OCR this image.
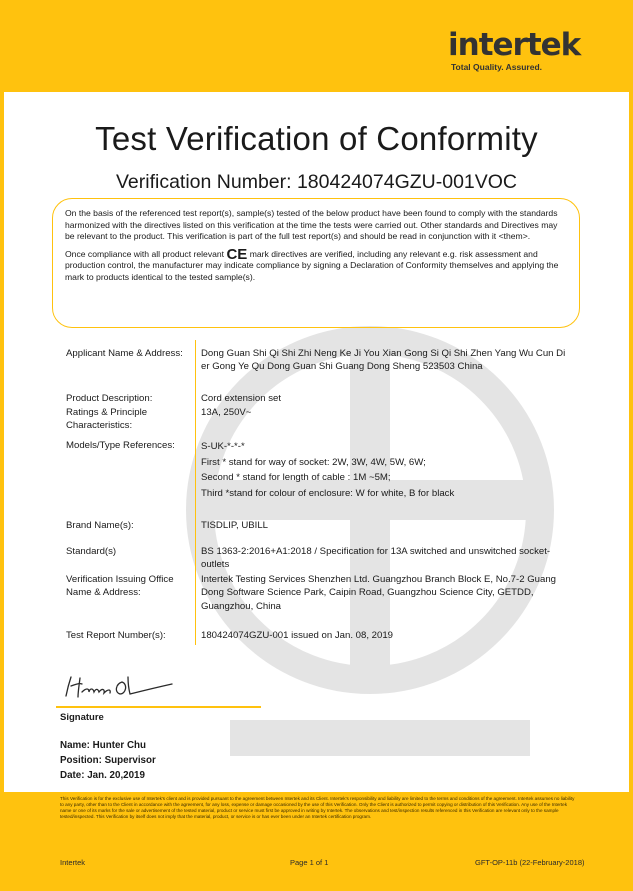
intertek
Total Quality. Assured.
Test Verification of Conformity
Verification Number: 180424074GZU-001VOC

On the basis of the referenced test report(s), sample(s) tested of the below product have been found to comply with the standards harmonized with the directives listed on this verification at the time the tests were carried out. Other standards and Directives may be relevant to the product. This verification is part of the full test report(s) and should be read in conjunction with it <them>.

Once compliance with all product relevant CE mark directives are verified, including any relevant e.g. risk assessment and production control, the manufacturer may indicate compliance by signing a Declaration of Conformity themselves and applying the mark to products identical to the tested sample(s).

Applicant Name & Address:	Dong Guan Shi Qi Shi Zhi Neng Ke Ji You Xian Gong Si Qi Shi Zhen Yang Wu Cun Di er Gong Ye Qu Dong Guan Shi Guang Dong Sheng 523503 China
Product Description:	Cord extension set
Ratings & Principle Characteristics:
13A, 250V~
Models/Type References:	S-UK-*-*-*
First * stand for way of socket: 2W, 3W, 4W, 5W, 6W;
Second * stand for length of cable : 1M ~5M;
Third *stand for colour of enclosure: W for white, B for black
Brand Name(s):	TISDLIP, UBILL
Standard(s)	BS 1363-2:2016+A1:2018 / Specification for 13A switched and unswitched socket-outlets
Verification Issuing Office Name & Address:
Intertek Testing Services Shenzhen Ltd. Guangzhou Branch Block E, No.7-2 Guang Dong Software Science Park, Caipin Road, Guangzhou Science City, GETDD, Guangzhou, China
Test Report Number(s):	180424074GZU-001 issued on Jan. 08, 2019
Signature
Name: Hunter Chu
Position: Supervisor
Date: Jan. 20,2019
This Verification is for the exclusive use of Intertek's client and is provided pursuant to the agreement between Intertek and its Client. Intertek's responsibility and liability are limited to the terms and conditions of the agreement. Intertek assumes no liability to any party, other than to the Client in accordance with the agreement, for any loss, expense or damage occasioned by the use of this Verification. Only the Client is authorized to permit copying or distribution of this Verification. Any use of the Intertek name or one of its marks for the sale or advertisement of the tested material, product or service must first be approved in writing by Intertek. The observations and test/inspection results referenced in this Verification are relevant only to the sample tested/inspected. This Verification by itself does not imply that the material, product, or service is or has ever been under an Intertek certification program.
Intertek	Page 1 of 1	GFT-OP-11b (22-February-2018)
